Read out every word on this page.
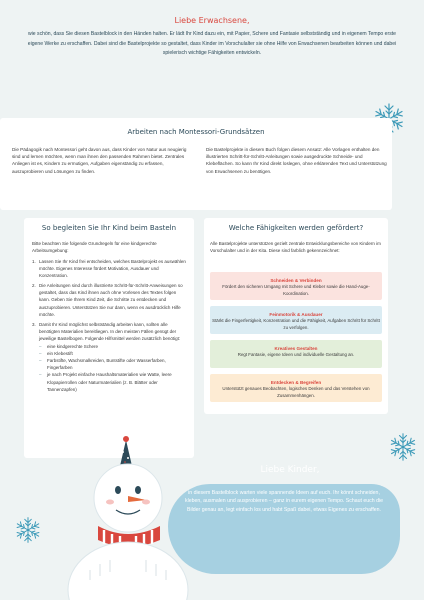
Liebe Erwachsene,
wie schön, dass Sie diesen Bastelblock in den Händen halten. Er lädt Ihr Kind dazu ein, mit Papier, Schere und Fantasie selbstständig und in eigenem Tempo erste eigene Werke zu erschaffen. Dabei sind die Bastelprojekte so gestaltet, dass Kinder im Vorschulalter sie ohne Hilfe von Erwachsenen bearbeiten können und dabei spielerisch wichtige Fähigkeiten entwickeln.
Arbeiten nach Montessori-Grundsätzen
Die Pädagogik nach Montessori geht davon aus, dass Kinder von Natur aus neugierig sind und lernen möchten, wenn man ihnen den passenden Rahmen bietet. Zentrales Anliegen ist es, Kindern zu ermutigen, Aufgaben eigenständig zu erfassen, auszuprobieren und Lösungen zu finden.
Die Bastelprojekte in diesem Buch folgen diesem Ansatz: Alle Vorlagen enthalten den illustrierten Schritt-für-Schritt-Anleitungen sowie ausgedruckte Schneide- und Klebeflächen. So kann Ihr Kind direkt loslegen, ohne erklärenden Text und Unterstützung von Erwachsenen zu benötigen.
So begleiten Sie Ihr Kind beim Basteln
Bitte beachten Sie folgende Grundregeln für eine kindgerechte Arbeitsumgebung:
1. Lassen Sie Ihr Kind frei entscheiden, welches Bastelprojekt es auswählen möchte. Eigenes Interesse fördert Motivation, Ausdauer und Konzentration.
2. Die Anleitungen sind durch illustrierte Schritt-für-Schritt-Anweisungen so gestaltet, dass das Kind ihnen auch ohne Vorlesen des Textes folgen kann. Geben Sie Ihrem Kind Zeit, die Schritte zu entdecken und auszuprobieren. Unterstützen Sie nur dann, wenn es ausdrücklich Hilfe möchte.
3. Damit Ihr Kind möglichst selbstständig arbeiten kann, sollten alle benötigten Materialien bereitliegen. In den meisten Fällen genügt der jeweilige Bastelbogen. Folgende Hilfsmittel werden zusätzlich benötigt:
–	eine kindgerechte Schere
–	ein Klebestift
–	Farbstifte, Wachsmalkreiden, Buntstifte oder Wasserfarben, Fingerfarben
–	je nach Projekt einfache Haushaltsmaterialien wie Watte, leere Klopapierrollen oder Naturmaterialien (z. B. Blätter oder Tannenzapfen)
Welche Fähigkeiten werden gefördert?
Alle Bastelprojekte unterstützen gezielt zentrale Entwicklungsbereiche von Kindern im Vorschulalter und in der Kita. Diese sind farblich gekennzeichnet:
Schneiden & Verbinden
Fördert den sicheren Umgang mit Schere und Kleber sowie die Hand-Auge-Koordination.
Feinmotorik & Ausdauer
Stärkt die Fingerfertigkeit, Konzentration und die Fähigkeit, Aufgaben Schritt für Schritt zu verfolgen.
Kreatives Gestalten
Regt Fantasie, eigene Ideen und individuelle Gestaltung an.
Entdecken & Begreifen
Unterstützt genaues Beobachten, logisches Denken und das Verstehen von Zusammenhängen.
Liebe Kinder,
in diesem Bastelblock warten viele spannende Ideen auf euch. Ihr könnt schneiden, kleben, ausmalen und ausprobieren – ganz in eurem eigenen Tempo. Schaut euch die Bilder genau an, legt einfach los und habt Spaß dabei, etwas Eigenes zu erschaffen.
